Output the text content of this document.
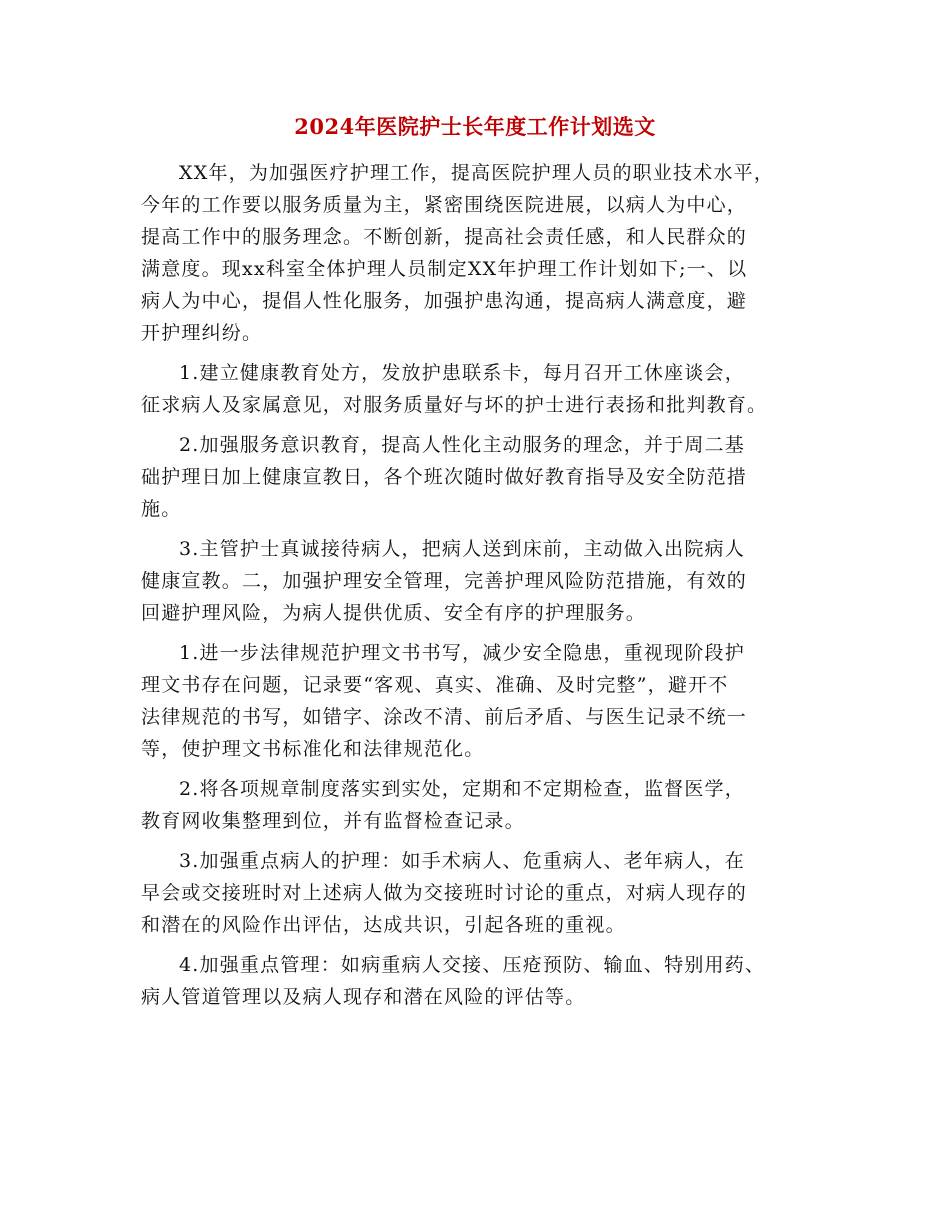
2024年医院护士长年度工作计划选文
XX年，为加强医疗护理工作，提高医院护理人员的职业技术水平，
今年的工作要以服务质量为主，紧密围绕医院进展，以病人为中心，
提高工作中的服务理念。不断创新，提高社会责任感，和人民群众的
满意度。现xx科室全体护理人员制定XX年护理工作计划如下;一、以
病人为中心，提倡人性化服务，加强护患沟通，提高病人满意度，避
开护理纠纷。
1.建立健康教育处方，发放护患联系卡，每月召开工休座谈会，
征求病人及家属意见，对服务质量好与坏的护士进行表扬和批判教育。
2.加强服务意识教育，提高人性化主动服务的理念，并于周二基
础护理日加上健康宣教日，各个班次随时做好教育指导及安全防范措
施。
3.主管护士真诚接待病人，把病人送到床前，主动做入出院病人
健康宣教。二，加强护理安全管理，完善护理风险防范措施，有效的
回避护理风险，为病人提供优质、安全有序的护理服务。
1.进一步法律规范护理文书书写，减少安全隐患，重视现阶段护
理文书存在问题，记录要“客观、真实、准确、及时完整”，避开不
法律规范的书写，如错字、涂改不清、前后矛盾、与医生记录不统一
等，使护理文书标准化和法律规范化。
2.将各项规章制度落实到实处，定期和不定期检查，监督医学，
教育网收集整理到位，并有监督检查记录。
3.加强重点病人的护理：如手术病人、危重病人、老年病人，在
早会或交接班时对上述病人做为交接班时讨论的重点，对病人现存的
和潜在的风险作出评估，达成共识，引起各班的重视。
4.加强重点管理：如病重病人交接、压疮预防、输血、特别用药、
病人管道管理以及病人现存和潜在风险的评估等。
